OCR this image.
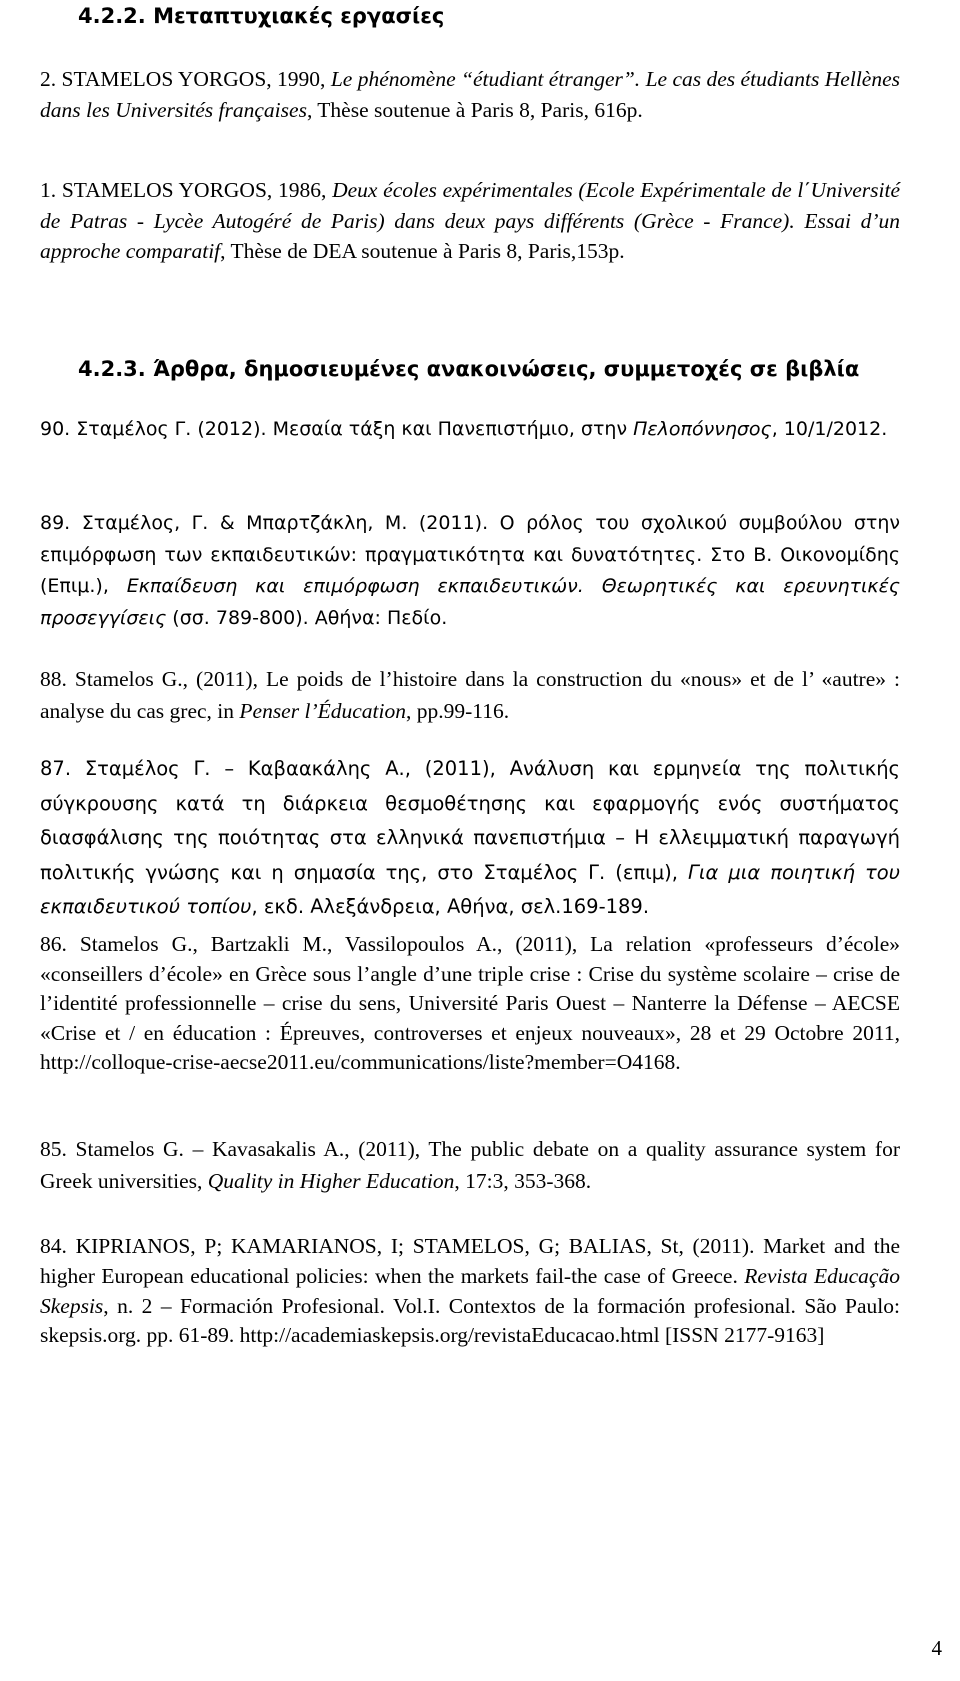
4.2.2. Μεταπτυχιακές εργασίες
2. STAMELOS YORGOS, 1990, Le phénomène “étudiant étranger”. Le cas des étudiants Hellènes dans les Universités françaises, Thèse soutenue à Paris 8, Paris, 616p.
1. STAMELOS YORGOS, 1986, Deux écoles expérimentales (Ecole Expérimentale de l΄Université de Patras - Lycèe Autogéré de Paris) dans deux pays différents (Grèce - France). Essai d’un approche comparatif, Thèse de DEA soutenue à Paris 8, Paris,153p.
4.2.3. Άρθρα, δημοσιευμένες ανακοινώσεις, συμμετοχές σε βιβλία
90. Σταμέλος Γ. (2012). Μεσαία τάξη και Πανεπιστήμιο, στην Πελοπόννησος, 10/1/2012.
89. Σταμέλος, Γ. & Μπαρτζάκλη, Μ. (2011). Ο ρόλος του σχολικού συμβούλου στην επιμόρφωση των εκπαιδευτικών: πραγματικότητα και δυνατότητες. Στο Β. Οικονομίδης (Επιμ.), Εκπαίδευση και επιμόρφωση εκπαιδευτικών. Θεωρητικές και ερευνητικές προσεγγίσεις (σσ. 789-800). Αθήνα: Πεδίο.
88. Stamelos G., (2011), Le poids de l’histoire dans la construction du «nous» et de l’ «autre» : analyse du cas grec, in Penser l’Éducation, pp.99-116.
87. Σταμέλος Γ. – Καβαακάλης Α., (2011), Ανάλυση και ερμηνεία της πολιτικής σύγκρουσης κατά τη διάρκεια θεσμοθέτησης και εφαρμογής ενός συστήματος διασφάλισης της ποιότητας στα ελληνικά πανεπιστήμια – Η ελλειμματική παραγωγή πολιτικής γνώσης και η σημασία της, στο Σταμέλος Γ. (επιμ), Για μια ποιητική του εκπαιδευτικού τοπίου, εκδ. Αλεξάνδρεια, Αθήνα, σελ.169-189.
86. Stamelos G., Bartzakli M., Vassilopoulos A., (2011), La relation «professeurs d’école» «conseillers d’école» en Grèce sous l’angle d’une triple crise : Crise du système scolaire – crise de l’identité professionnelle – crise du sens, Université Paris Ouest – Nanterre la Défense – AECSE «Crise et / en éducation : Épreuves, controverses et enjeux nouveaux», 28 et 29 Octobre 2011, http://colloque-crise-aecse2011.eu/communications/liste?member=O4168.
85. Stamelos G. – Kavasakalis A., (2011), The public debate on a quality assurance system for Greek universities, Quality in Higher Education, 17:3, 353-368.
84. KIPRIANOS, P; KAMARIANOS, I; STAMELOS, G; BALIAS, St, (2011). Market and the higher European educational policies: when the markets fail-the case of Greece. Revista Educação Skepsis, n. 2 – Formación Profesional. Vol.I. Contextos de la formación profesional. São Paulo: skepsis.org. pp. 61-89. http://academiaskepsis.org/revistaEducacao.html [ISSN 2177-9163]
4
